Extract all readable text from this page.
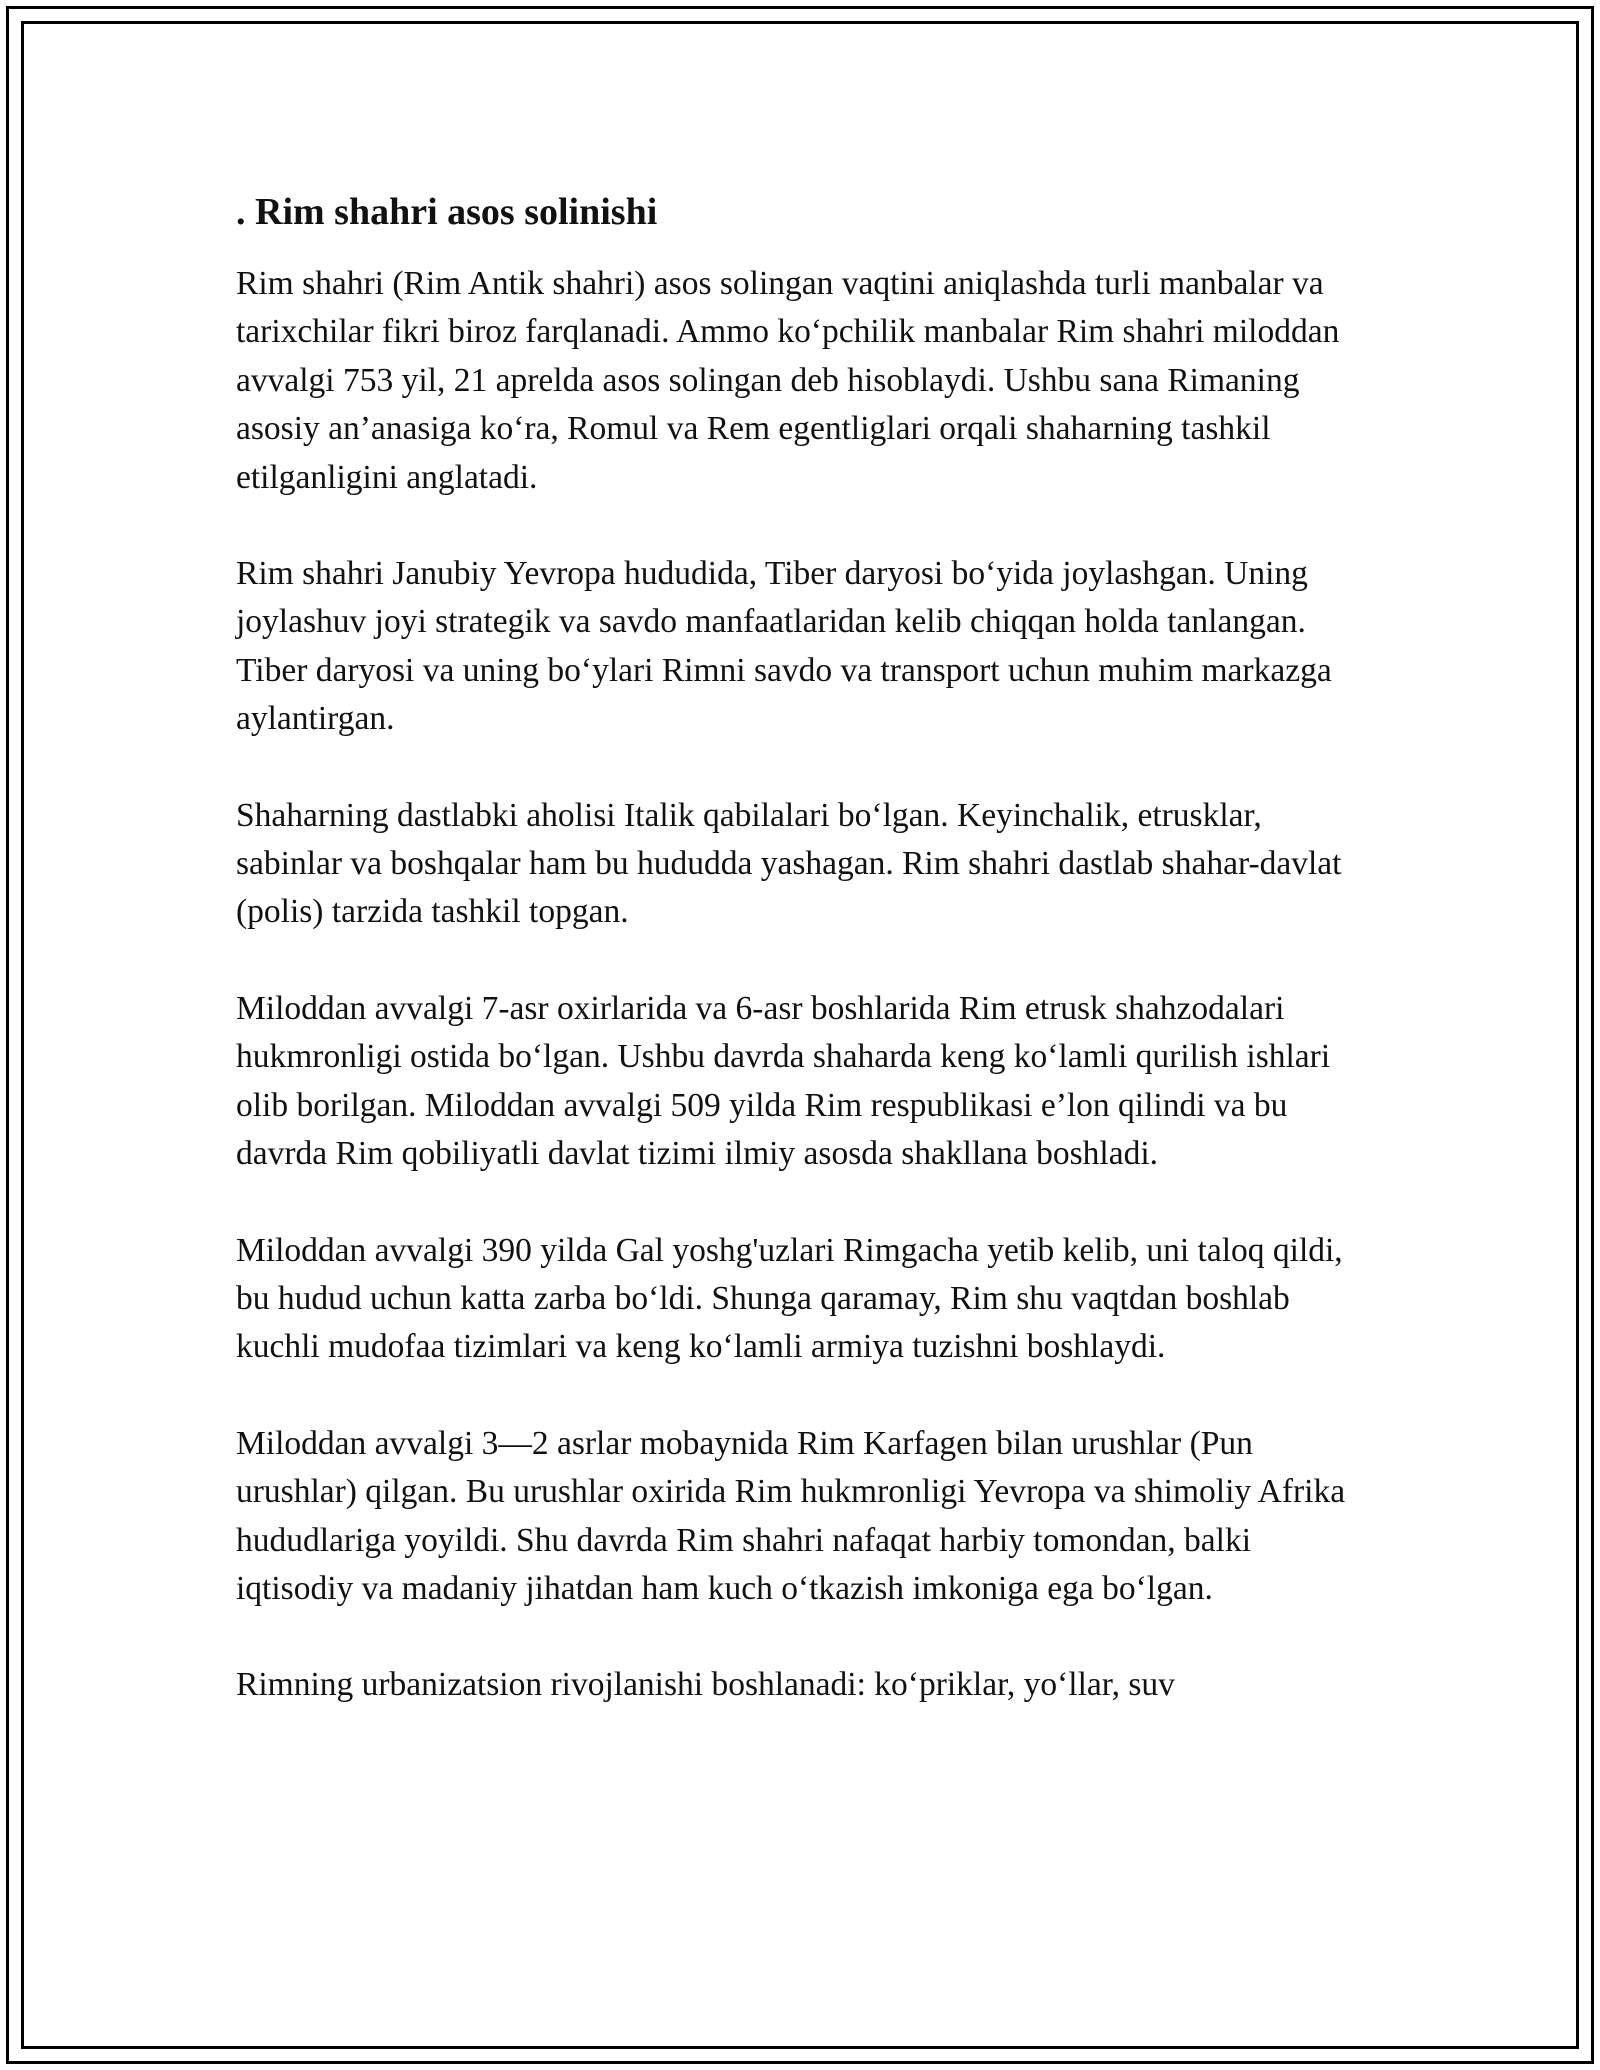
. Rim shahri asos solinishi

Rim shahri (Rim Antik shahri) asos solingan vaqtini aniqlashda turli manbalar va tarixchilar fikri biroz farqlanadi. Ammo ko‘pchilik manbalar Rim shahri miloddan avvalgi 753 yil, 21 aprelda asos solingan deb hisoblaydi. Ushbu sana Rimaning asosiy an’anasiga ko‘ra, Romul va Rem egentliglari orqali shaharning tashkil etilganligini anglatadi.

Rim shahri Janubiy Yevropa hududida, Tiber daryosi bo‘yida joylashgan. Uning joylashuv joyi strategik va savdo manfaatlaridan kelib chiqqan holda tanlangan. Tiber daryosi va uning bo‘ylari Rimni savdo va transport uchun muhim markazga aylantirgan.

Shaharning dastlabki aholisi Italik qabilalari bo‘lgan. Keyinchalik, etrusklar, sabinlar va boshqalar ham bu hududda yashagan. Rim shahri dastlab shahar-davlat (polis) tarzida tashkil topgan.

Miloddan avvalgi 7-asr oxirlarida va 6-asr boshlarida Rim etrusk shahzodalari hukmronligi ostida bo‘lgan. Ushbu davrda shaharda keng ko‘lamli qurilish ishlari olib borilgan. Miloddan avvalgi 509 yilda Rim respublikasi e’lon qilindi va bu davrda Rim qobiliyatli davlat tizimi ilmiy asosda shakllana boshladi.

Miloddan avvalgi 390 yilda Gal yoshg'uzlari Rimgacha yetib kelib, uni taloq qildi, bu hudud uchun katta zarba bo‘ldi. Shunga qaramay, Rim shu vaqtdan boshlab kuchli mudofaa tizimlari va keng ko‘lamli armiya tuzishni boshlaydi.

Miloddan avvalgi 3—2 asrlar mobaynida Rim Karfagen bilan urushlar (Pun urushlar) qilgan. Bu urushlar oxirida Rim hukmronligi Yevropa va shimoliy Afrika hududlariga yoyildi. Shu davrda Rim shahri nafaqat harbiy tomondan, balki iqtisodiy va madaniy jihatdan ham kuch o‘tkazish imkoniga ega bo‘lgan.

Rimning urbanizatsion rivojlanishi boshlanadi: ko‘priklar, yo‘llar, suv
